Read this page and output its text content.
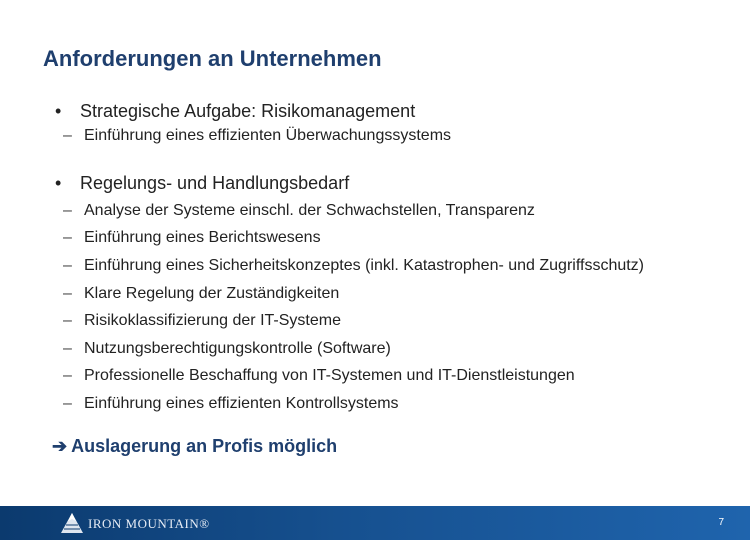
Anforderungen an Unternehmen
• Strategische Aufgabe: Risikomanagement
– Einführung eines effizienten Überwachungssystems
• Regelungs- und Handlungsbedarf
– Analyse der Systeme einschl. der Schwachstellen, Transparenz
– Einführung eines Berichtswesens
– Einführung eines Sicherheitskonzeptes (inkl. Katastrophen- und Zugriffsschutz)
– Klare Regelung der Zuständigkeiten
– Risikoklassifizierung der IT-Systeme
– Nutzungsberechtigungskontrolle (Software)
– Professionelle Beschaffung von IT-Systemen und IT-Dienstleistungen
– Einführung eines effizienten Kontrollsystems
➔ Auslagerung an Profis möglich
IRON MOUNTAIN®	7
